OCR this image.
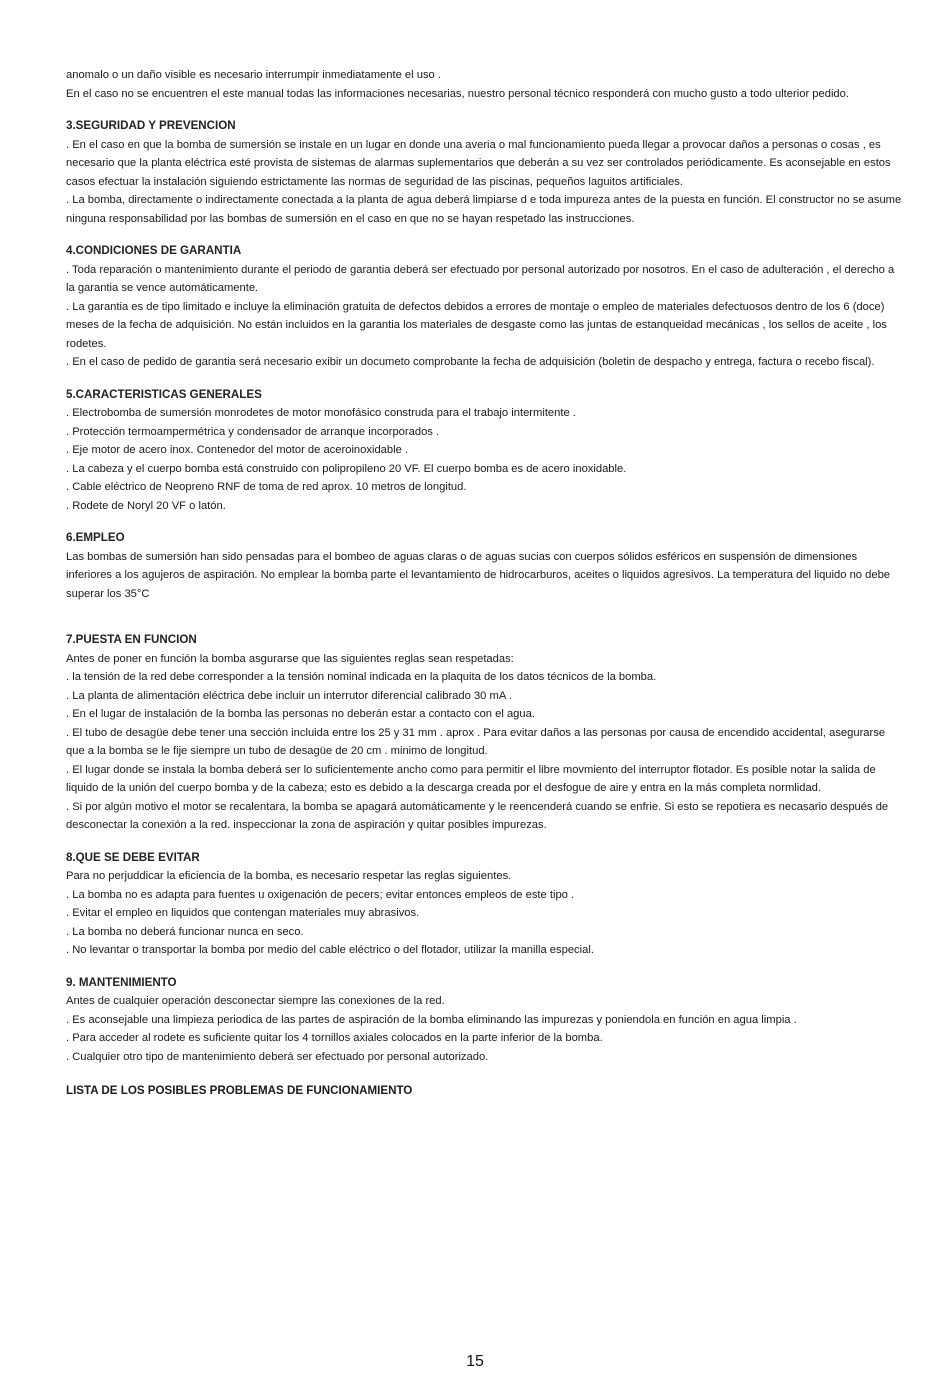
anomalo o un daño visible es necesario interrumpir inmediatamente el uso .

En el caso no se encuentren el este manual todas las informaciones necesarias, nuestro personal técnico responderá con mucho gusto a todo ulterior pedido.

3.SEGURIDAD Y PREVENCION

. En el caso en que la bomba de sumersión se instale en un lugar en donde una averia o mal funcionamiento pueda llegar a provocar daños a personas o cosas , es necesario que la planta eléctrica esté provista de sistemas de alarmas suplementarios que deberán a su vez ser controlados periódicamente. Es aconsejable en estos casos efectuar la instalación siguiendo estrictamente las normas de seguridad de las piscinas, pequeños laguitos artificiales.

. La bomba, directamente o indirectamente conectada a la planta de agua deberá limpiarse d e toda impureza antes de la puesta en función. El constructor no se asume ninguna responsabilidad por las bombas de sumersión en el caso en que no se hayan respetado las instrucciones.

4.CONDICIONES DE GARANTIA

. Toda reparación o mantenimiento durante el periodo de garantia deberá ser efectuado por personal autorizado por nosotros. En el caso de adulteración , el derecho a la garantia se vence automáticamente.

. La garantia es de tipo limitado e incluye la eliminación gratuita de defectos debidos a errores de montaje o empleo de materiales defectuosos dentro de los 6 (doce) meses de la fecha de adquisición. No están incluidos en la garantia los materiales de desgaste como las juntas de estanqueidad mecánicas , los sellos de aceite , los rodetes.

. En el caso de pedido de garantia será necesario exibir un documeto comprobante la fecha de adquisición (boletin de despacho y entrega, factura o recebo fiscal).

5.CARACTERISTICAS GENERALES

. Electrobomba de sumersión monrodetes de motor monofásico construda para el trabajo intermitente .

. Protección termoampermétrica y condensador de arranque incorporados .

. Eje motor de acero inox. Contenedor del motor de aceroinoxidable .

. La cabeza y el cuerpo bomba está construido con polipropileno 20 VF. El cuerpo bomba es de acero inoxidable.

. Cable eléctrico de Neopreno RNF de toma de red aprox. 10 metros de longitud.

. Rodete de Noryl 20 VF o latón.

6.EMPLEO

Las bombas de sumersión han sido pensadas para el bombeo de aguas claras o de aguas sucias con cuerpos sólidos esféricos en suspensión de dimensiones inferiores a los agujeros de aspiración. No emplear la bomba parte el levantamiento de hidrocarburos, aceites o liquidos agresivos. La temperatura del liquido no debe superar los 35°C

7.PUESTA EN FUNCION

Antes de poner en función la bomba asgurarse que las siguientes reglas sean respetadas:

. la tensión de la red debe corresponder a la tensión nominal indicada en la plaquita de los datos técnicos de la bomba.

. La planta de alimentación eléctrica debe incluir un interrutor diferencial calibrado 30 mA .

. En el lugar de instalación de la bomba las personas no deberán estar a contacto con el agua.

. El tubo de desagüe debe tener una sección incluida entre los 25 y 31 mm . aprox . Para evitar daños a las personas por causa de encendido accidental, asegurarse que a la bomba se le fije siempre un tubo de desagüe de 20 cm . minimo de longitud.

. El lugar donde se instala la bomba deberá ser lo suficientemente ancho como para permitir el libre movmiento del interruptor flotador. Es posible notar la salida de liquido de la unión del cuerpo bomba y de la cabeza; esto es debido a la descarga creada por el desfogue de aire y entra en la más completa normlidad.

. Si por algún motivo el motor se recalentara, la bomba se apagará automáticamente y le reencenderá cuando se enfrie. Si esto se repotiera es necasario después de desconectar la conexión a la red. inspeccionar la zona de aspiración y quitar posibles impurezas.

8.QUE SE DEBE EVITAR

Para no perjuddicar la eficiencia de la bomba, es necesario respetar las reglas siguientes.

. La bomba no es adapta para fuentes u oxigenación de pecers; evitar entonces empleos de este tipo .

. Evitar el empleo en liquidos que contengan materiales muy abrasivos.

. La bomba no deberá funcionar nunca en seco.

. No levantar o transportar la bomba por medio del cable eléctrico o del flotador, utilizar la manilla especial.

9. MANTENIMIENTO

Antes de cualquier operación desconectar siempre las conexiones de la red.

. Es aconsejable una limpieza periodica de las partes de aspiración de la bomba eliminando las impurezas y poniendola en función en agua limpia .

. Para acceder al rodete es suficiente quitar los 4 tornillos axiales colocados en la parte inferior de la bomba.

. Cualquier otro tipo de mantenimiento deberá ser efectuado por personal autorizado.

LISTA DE LOS POSIBLES PROBLEMAS DE FUNCIONAMIENTO

15
